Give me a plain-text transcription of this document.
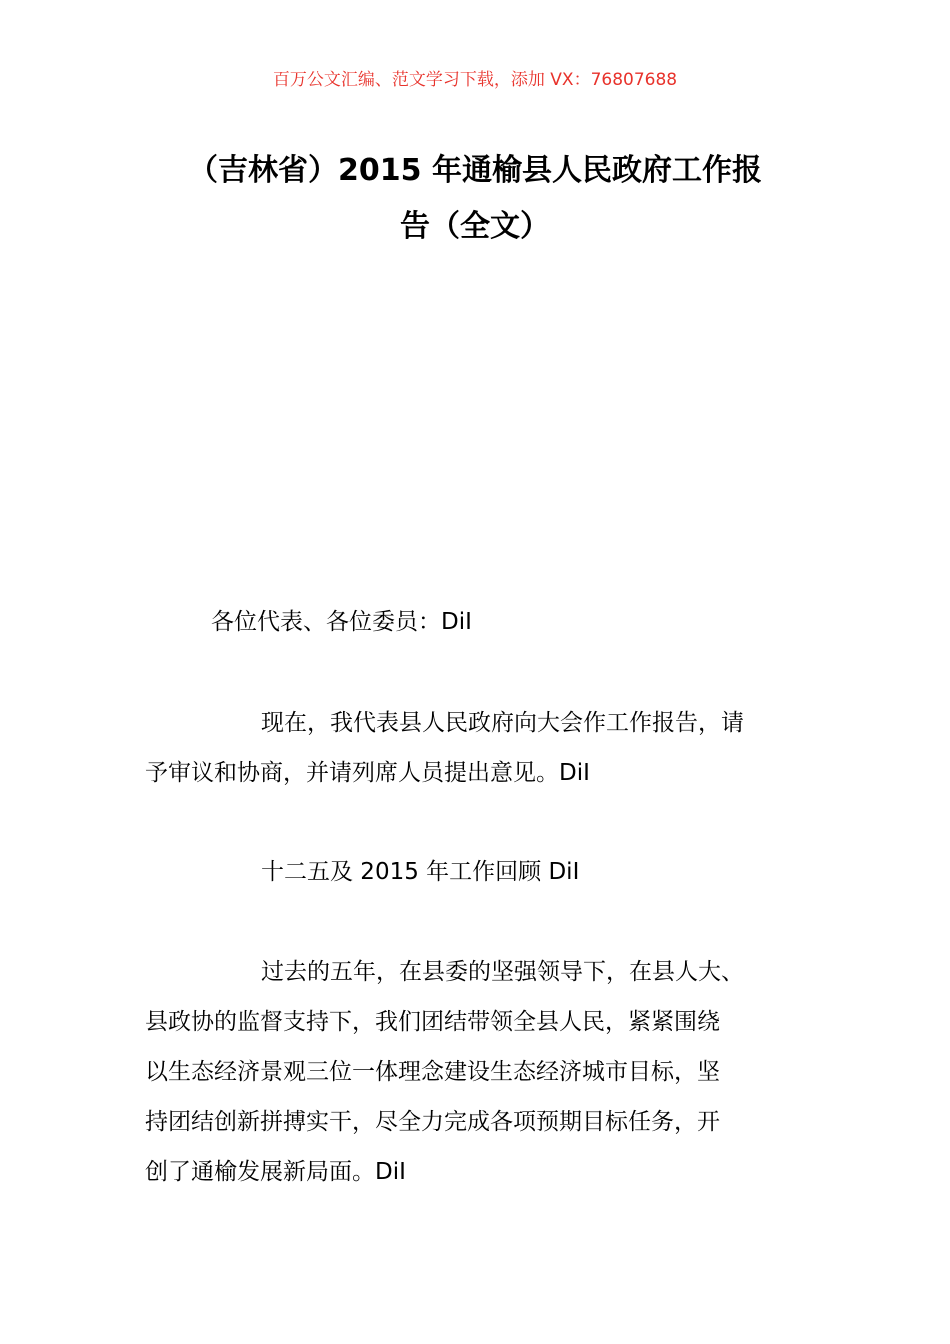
百万公文汇编、范文学习下载，添加 VX：76807688
（吉林省）2015 年通榆县人民政府工作报
告（全文）

各位代表、各位委员：DiI

现在，我代表县人民政府向大会作工作报告，请
予审议和协商，并请列席人员提出意见。DiI

十二五及 2015 年工作回顾 DiI

过去的五年，在县委的坚强领导下，在县人大、
县政协的监督支持下，我们团结带领全县人民，紧紧围绕
以生态经济景观三位一体理念建设生态经济城市目标，坚
持团结创新拼搏实干，尽全力完成各项预期目标任务，开
创了通榆发展新局面。DiI
